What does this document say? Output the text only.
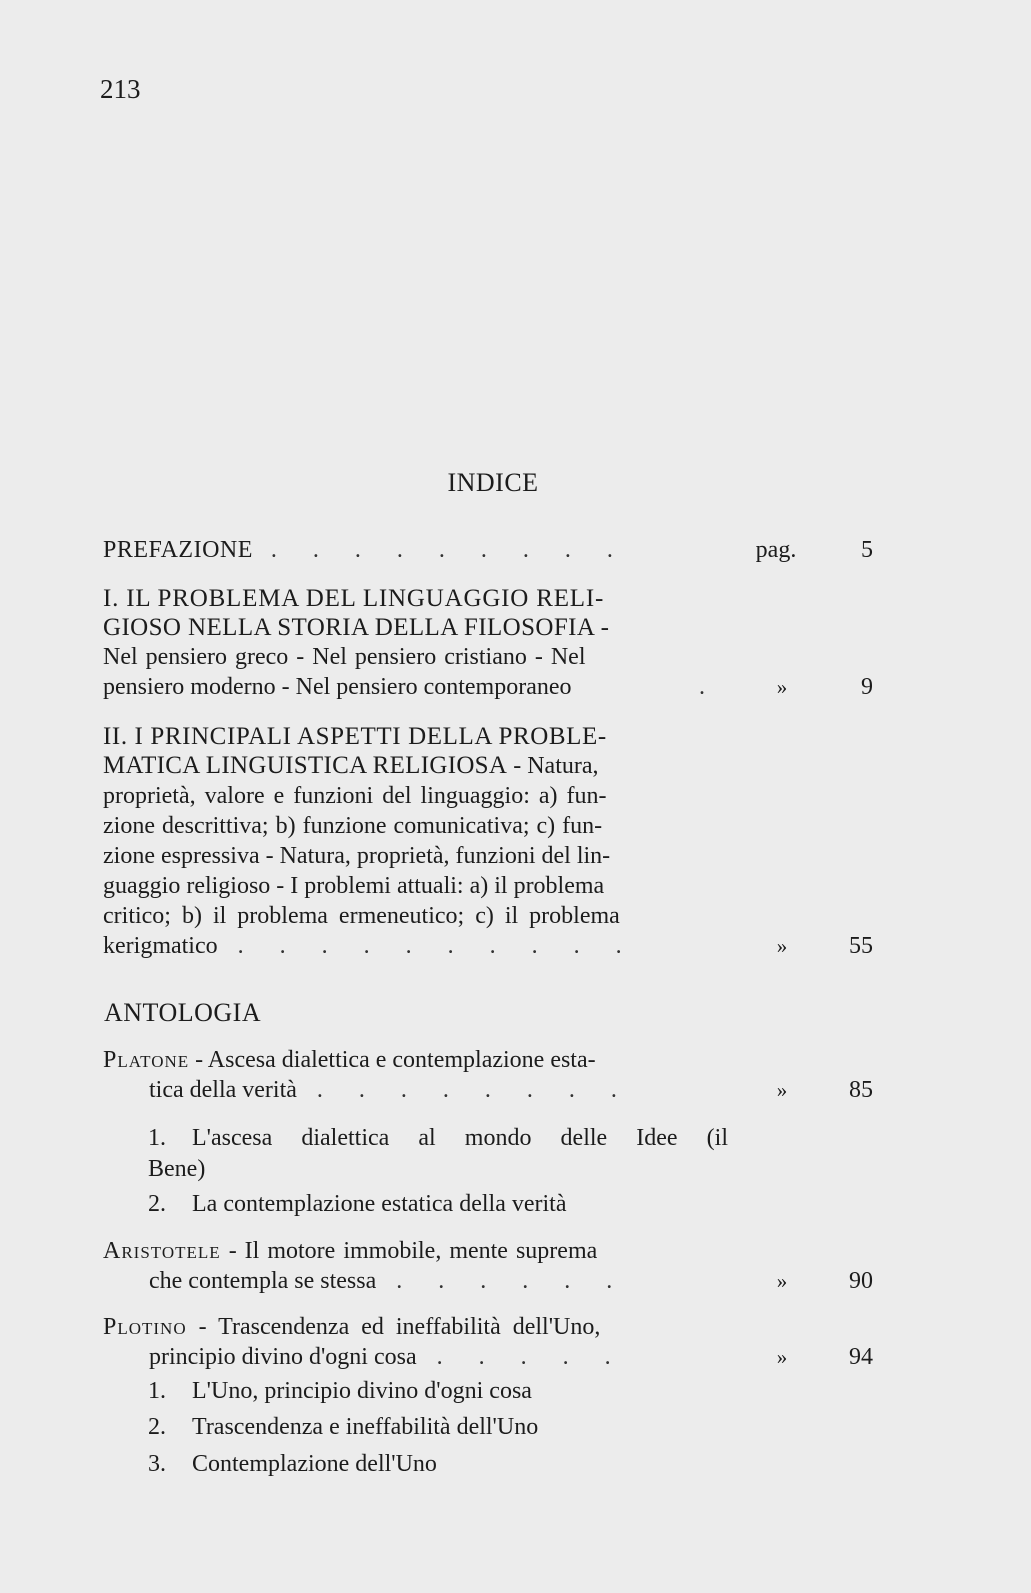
213
INDICE
PREFAZIONE . . . . . . . . .	pag.	5
I. IL PROBLEMA DEL LINGUAGGIO RELI-
GIOSO NELLA STORIA DELLA FILOSOFIA -
Nel pensiero greco - Nel pensiero cristiano - Nel
pensiero moderno - Nel pensiero contemporaneo	.	»	9
II. I PRINCIPALI ASPETTI DELLA PROBLE-
MATICA LINGUISTICA RELIGIOSA - Natura,
proprietà, valore e funzioni del linguaggio: a) fun-
zione descrittiva; b) funzione comunicativa; c) fun-
zione espressiva - Natura, proprietà, funzioni del lin-
guaggio religioso - I problemi attuali: a) il problema
critico; b) il problema ermeneutico; c) il problema
kerigmatico . . . . . . . . . .	»	55
ANTOLOGIA
Platone - Ascesa dialettica e contemplazione esta-
tica della verità . . . . . . . .	»	85
1. L'ascesa dialettica al mondo delle Idee (il
Bene)
2. La contemplazione estatica della verità
Aristotele - Il motore immobile, mente suprema
che contempla se stessa . . . . . .	»	90
Plotino - Trascendenza ed ineffabilità dell'Uno,
principio divino d'ogni cosa . . . . .	»	94
1. L'Uno, principio divino d'ogni cosa
2. Trascendenza e ineffabilità dell'Uno
3. Contemplazione dell'Uno
